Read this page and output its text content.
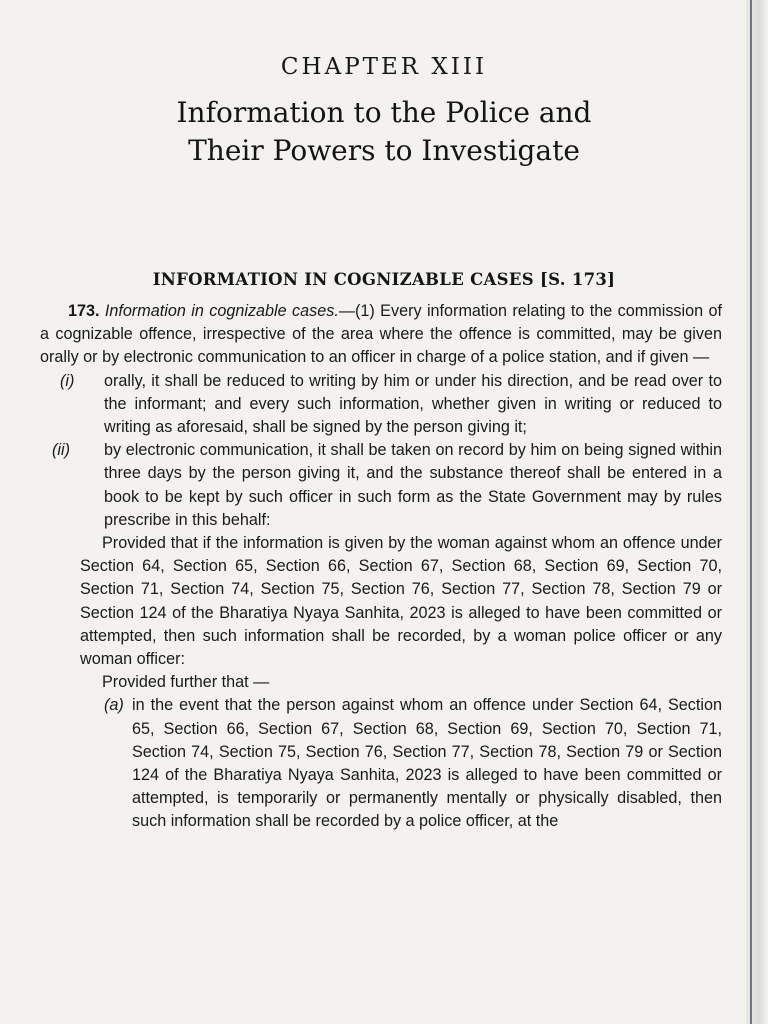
CHAPTER XIII
Information to the Police and
Their Powers to Investigate
INFORMATION IN COGNIZABLE CASES [S. 173]

173. Information in cognizable cases.—(1) Every information relating to the commission of a cognizable offence, irrespective of the area where the offence is committed, may be given orally or by electronic communication to an officer in charge of a police station, and if given —

(i)	orally, it shall be reduced to writing by him or under his direction, and be read over to the informant; and every such information, whether given in writing or reduced to writing as aforesaid, shall be signed by the person giving it;
(ii)	by electronic communication, it shall be taken on record by him on being signed within three days by the person giving it, and the substance thereof shall be entered in a book to be kept by such officer in such form as the State Government may by rules prescribe in this behalf:

Provided that if the information is given by the woman against whom an offence under Section 64, Section 65, Section 66, Section 67, Section 68, Section 69, Section 70, Section 71, Section 74, Section 75, Section 76, Section 77, Section 78, Section 79 or Section 124 of the Bharatiya Nyaya Sanhita, 2023 is alleged to have been committed or attempted, then such information shall be recorded, by a woman police officer or any woman officer:

Provided further that —

(a) in the event that the person against whom an offence under Section 64, Section 65, Section 66, Section 67, Section 68, Section 69, Section 70, Section 71, Section 74, Section 75, Section 76, Section 77, Section 78, Section 79 or Section 124 of the Bharatiya Nyaya Sanhita, 2023 is alleged to have been committed or attempted, is temporarily or permanently mentally or physically disabled, then such information shall be recorded by a police officer, at the
